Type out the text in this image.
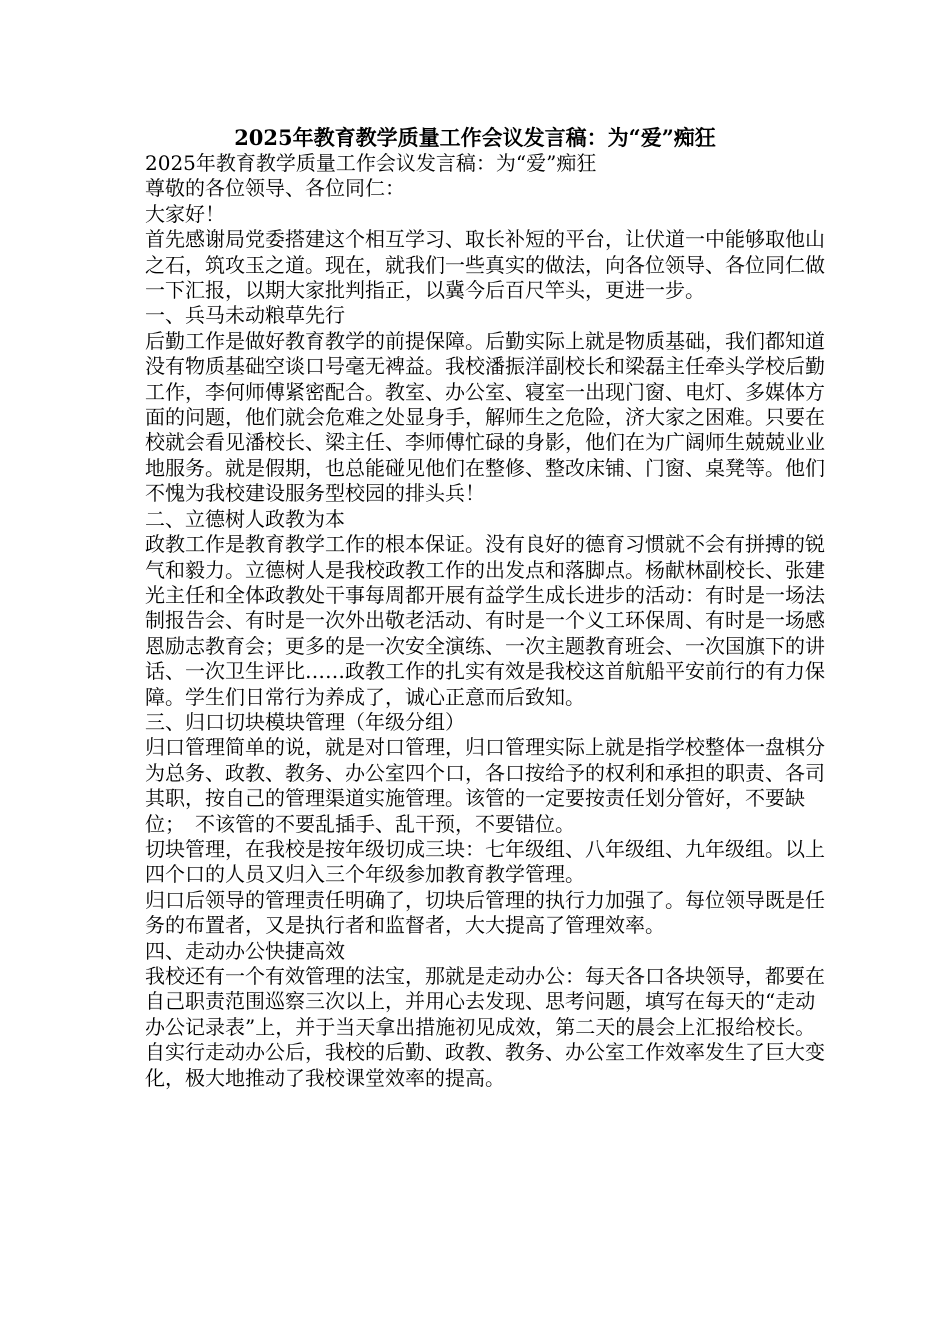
2025年教育教学质量工作会议发言稿：为“爱”痴狂

2025年教育教学质量工作会议发言稿：为“爱”痴狂

尊敬的各位领导、各位同仁：

大家好！

首先感谢局党委搭建这个相互学习、取长补短的平台，让伏道一中能够取他山之石，筑攻玉之道。现在，就我们一些真实的做法，向各位领导、各位同仁做一下汇报，以期大家批判指正，以冀今后百尺竿头，更进一步。

一、兵马未动粮草先行

后勤工作是做好教育教学的前提保障。后勤实际上就是物质基础，我们都知道没有物质基础空谈口号毫无裨益。我校潘振洋副校长和梁磊主任牵头学校后勤工作，李何师傅紧密配合。教室、办公室、寝室一出现门窗、电灯、多媒体方面的问题，他们就会危难之处显身手，解师生之危险，济大家之困难。只要在校就会看见潘校长、梁主任、李师傅忙碌的身影，他们在为广阔师生兢兢业业地服务。就是假期，也总能碰见他们在整修、整改床铺、门窗、桌凳等。他们不愧为我校建设服务型校园的排头兵！

二、立德树人政教为本

政教工作是教育教学工作的根本保证。没有良好的德育习惯就不会有拼搏的锐气和毅力。立德树人是我校政教工作的出发点和落脚点。杨献林副校长、张建光主任和全体政教处干事每周都开展有益学生成长进步的活动：有时是一场法制报告会、有时是一次外出敬老活动、有时是一个义工环保周、有时是一场感恩励志教育会；更多的是一次安全演练、一次主题教育班会、一次国旗下的讲话、一次卫生评比……政教工作的扎实有效是我校这首航船平安前行的有力保障。学生们日常行为养成了，诚心正意而后致知。

三、归口切块模块管理（年级分组）

归口管理简单的说，就是对口管理，归口管理实际上就是指学校整体一盘棋分为总务、政教、教务、办公室四个口，各口按给予的权利和承担的职责、各司其职，按自己的管理渠道实施管理。该管的一定要按责任划分管好，不要缺位；　不该管的不要乱插手、乱干预，不要错位。

切块管理，在我校是按年级切成三块：七年级组、八年级组、九年级组。以上四个口的人员又归入三个年级参加教育教学管理。

归口后领导的管理责任明确了，切块后管理的执行力加强了。每位领导既是任务的布置者，又是执行者和监督者，大大提高了管理效率。

四、走动办公快捷高效

我校还有一个有效管理的法宝，那就是走动办公：每天各口各块领导，都要在自己职责范围巡察三次以上，并用心去发现、思考问题，填写在每天的“走动办公记录表”上，并于当天拿出措施初见成效，第二天的晨会上汇报给校长。自实行走动办公后，我校的后勤、政教、教务、办公室工作效率发生了巨大变化，极大地推动了我校课堂效率的提高。
